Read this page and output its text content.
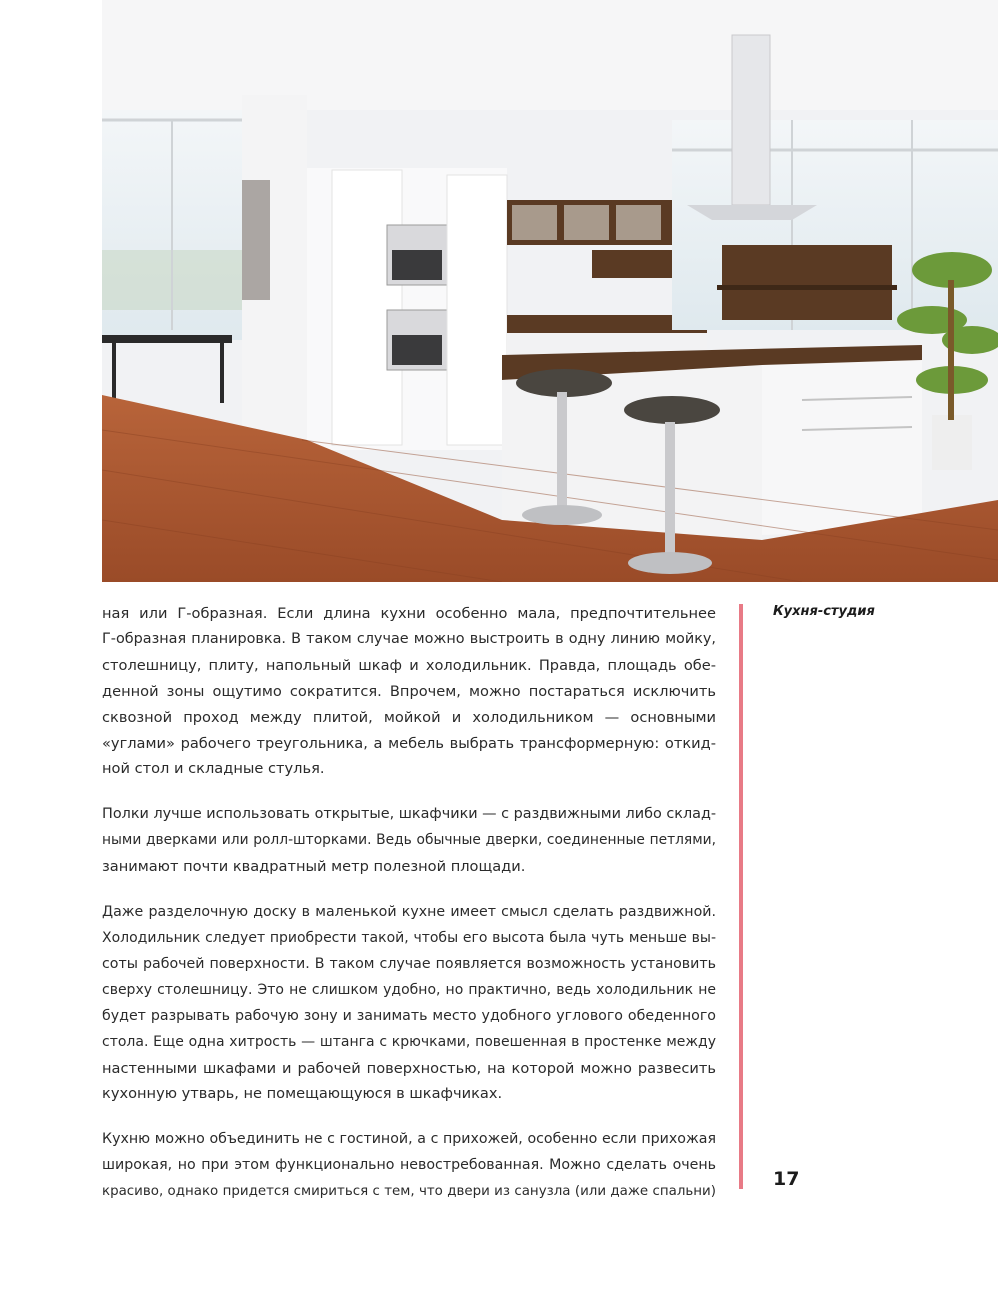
ная или Г-образная. Если длина кухни особенно мала, предпочтительнее
Г-образная планировка. В таком случае можно выстроить в одну линию мойку,
столешницу, плиту, напольный шкаф и холодильник. Правда, площадь обе-
денной зоны ощутимо сократится. Впрочем, можно постараться исключить
сквозной проход между плитой, мойкой и холодильником — основными
«углами» рабочего треугольника, а мебель выбрать трансформерную: откид-
ной стол и складные стулья.

Полки лучше использовать открытые, шкафчики — с раздвижными либо склад-
ными дверками или ролл-шторками. Ведь обычные дверки, соединенные петлями,
занимают почти квадратный метр полезной площади.

Даже разделочную доску в маленькой кухне имеет смысл сделать раздвижной.
Холодильник следует приобрести такой, чтобы его высота была чуть меньше вы-
соты рабочей поверхности. В таком случае появляется возможность установить
сверху столешницу. Это не слишком удобно, но практично, ведь холодильник не
будет разрывать рабочую зону и занимать место удобного углового обеденного
стола. Еще одна хитрость — штанга с крючками, повешенная в простенке между
настенными шкафами и рабочей поверхностью, на которой можно развесить
кухонную утварь, не помещающуюся в шкафчиках.

Кухню можно объединить не с гостиной, а с прихожей, особенно если прихожая
широкая, но при этом функционально невостребованная. Можно сделать очень
красиво, однако придется смириться с тем, что двери из санузла (или даже спальни)

Кухня-студия
17
